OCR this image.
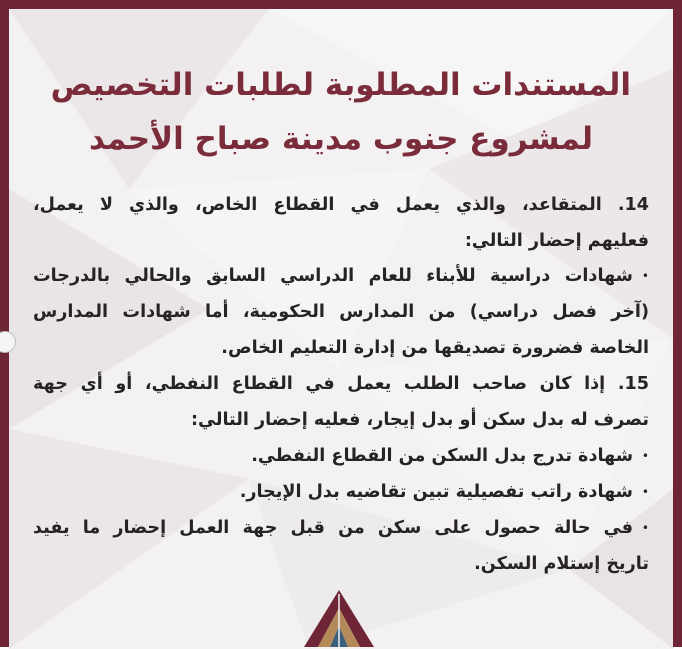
المستندات المطلوبة لطلبات التخصيص
لمشروع جنوب مدينة صباح الأحمد
14. المتقاعد، والذي يعمل في القطاع الخاص، والذي لا يعمل،
فعليهم إحضار التالي:
•
شهادات دراسية للأبناء للعام الدراسي السابق والحالي بالدرجات
(آخر فصل دراسي) من المدارس الحكومية، أما شهادات المدارس
الخاصة فضرورة تصديقها من إدارة التعليم الخاص.
15. إذا كان صاحب الطلب يعمل في القطاع النفطي، أو أي جهة
تصرف له بدل سكن أو بدل إيجار، فعليه إحضار التالي:
•
شهادة تدرج بدل السكن من القطاع النفطي.
•
شهادة راتب تفصيلية تبين تقاضيه بدل الإيجار.
•
في حالة حصول على سكن من قبل جهة العمل إحضار ما يفيد
تاريخ إستلام السكن.
